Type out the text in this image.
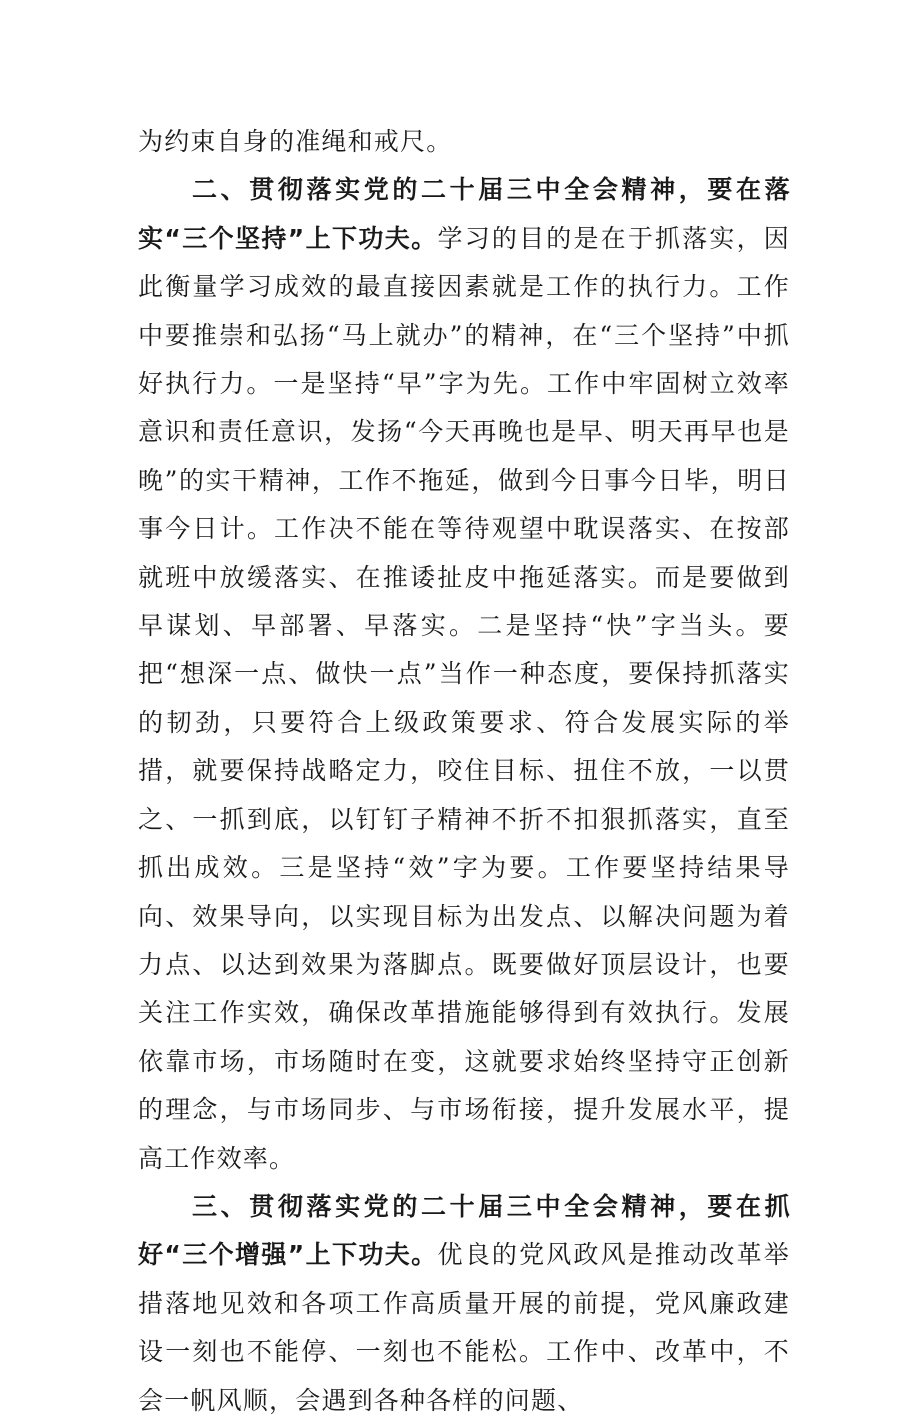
为约束自身的准绳和戒尺。

二、贯彻落实党的二十届三中全会精神，要在落实“三个坚持”上下功夫。学习的目的是在于抓落实，因此衡量学习成效的最直接因素就是工作的执行力。工作中要推崇和弘扬“马上就办”的精神，在“三个坚持”中抓好执行力。一是坚持“早”字为先。工作中牢固树立效率意识和责任意识，发扬“今天再晚也是早、明天再早也是晚”的实干精神，工作不拖延，做到今日事今日毕，明日事今日计。工作决不能在等待观望中耽误落实、在按部就班中放缓落实、在推诿扯皮中拖延落实。而是要做到早谋划、早部署、早落实。二是坚持“快”字当头。要把“想深一点、做快一点”当作一种态度，要保持抓落实的韧劲，只要符合上级政策要求、符合发展实际的举措，就要保持战略定力，咬住目标、扭住不放，一以贯之、一抓到底，以钉钉子精神不折不扣狠抓落实，直至抓出成效。三是坚持“效”字为要。工作要坚持结果导向、效果导向，以实现目标为出发点、以解决问题为着力点、以达到效果为落脚点。既要做好顶层设计，也要关注工作实效，确保改革措施能够得到有效执行。发展依靠市场，市场随时在变，这就要求始终坚持守正创新的理念，与市场同步、与市场衔接，提升发展水平，提高工作效率。

三、贯彻落实党的二十届三中全会精神，要在抓好“三个增强”上下功夫。优良的党风政风是推动改革举措落地见效和各项工作高质量开展的前提，党风廉政建设一刻也不能停、一刻也不能松。工作中、改革中，不会一帆风顺，会遇到各种各样的问题、
